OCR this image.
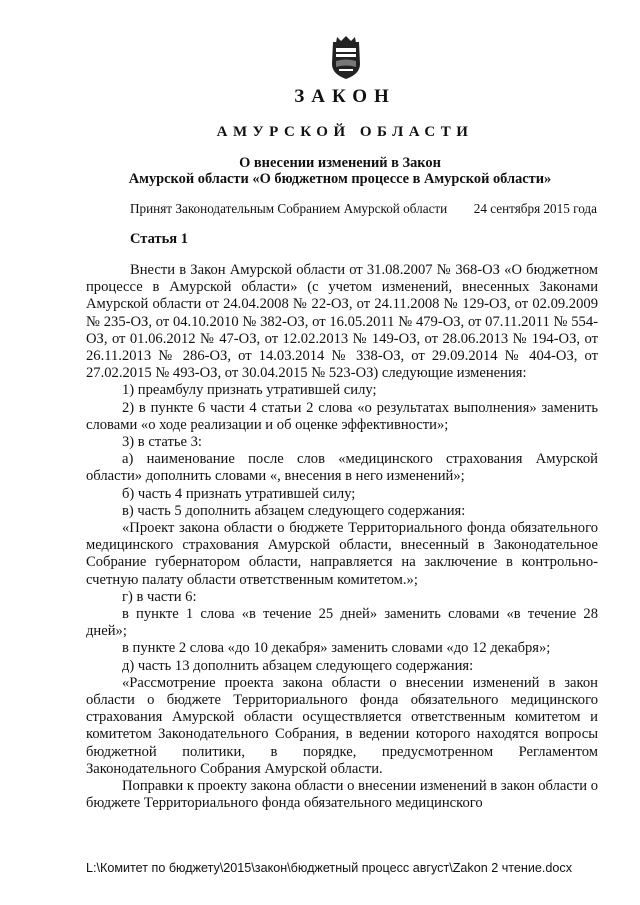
ЗАКОН
АМУРСКОЙ ОБЛАСТИ
О внесении изменений в Закон
Амурской области «О бюджетном процессе в Амурской области»
Принят Законодательным Собранием Амурской области 24 сентября 2015 года
Статья 1

Внести в Закон Амурской области от 31.08.2007 № 368-ОЗ «О бюджетном процессе в Амурской области» (с учетом изменений, внесенных Законами Амурской области от 24.04.2008 № 22-ОЗ, от 24.11.2008 № 129-ОЗ, от 02.09.2009 № 235-ОЗ, от 04.10.2010 № 382-ОЗ, от 16.05.2011 № 479-ОЗ, от 07.11.2011 № 554-ОЗ, от 01.06.2012 № 47-ОЗ, от 12.02.2013 № 149-ОЗ, от 28.06.2013 № 194-ОЗ, от 26.11.2013 № 286-ОЗ, от 14.03.2014 № 338-ОЗ, от 29.09.2014 № 404-ОЗ, от 27.02.2015 № 493-ОЗ, от 30.04.2015 № 523-ОЗ) следующие изменения:

1) преамбулу признать утратившей силу;

2) в пункте 6 части 4 статьи 2 слова «о результатах выполнения» заменить словами «о ходе реализации и об оценке эффективности»;

3) в статье 3:

а) наименование после слов «медицинского страхования Амурской области» дополнить словами «, внесения в него изменений»;

б) часть 4 признать утратившей силу;

в) часть 5 дополнить абзацем следующего содержания:

«Проект закона области о бюджете Территориального фонда обязательного медицинского страхования Амурской области, внесенный в Законодательное Собрание губернатором области, направляется на заключение в контрольно-счетную палату области ответственным комитетом.»;

г) в части 6:

в пункте 1 слова «в течение 25 дней» заменить словами «в течение 28 дней»;

в пункте 2 слова «до 10 декабря» заменить словами «до 12 декабря»;

д) часть 13 дополнить абзацем следующего содержания:

«Рассмотрение проекта закона области о внесении изменений в закон области о бюджете Территориального фонда обязательного медицинского страхования Амурской области осуществляется ответственным комитетом и комитетом Законодательного Собрания, в ведении которого находятся вопросы бюджетной политики, в порядке, предусмотренном Регламентом Законодательного Собрания Амурской области.

Поправки к проекту закона области о внесении изменений в закон области о бюджете Территориального фонда обязательного медицинского

L:\Комитет по бюджету\2015\закон\бюджетный процесс август\Zakon 2 чтение.docx
